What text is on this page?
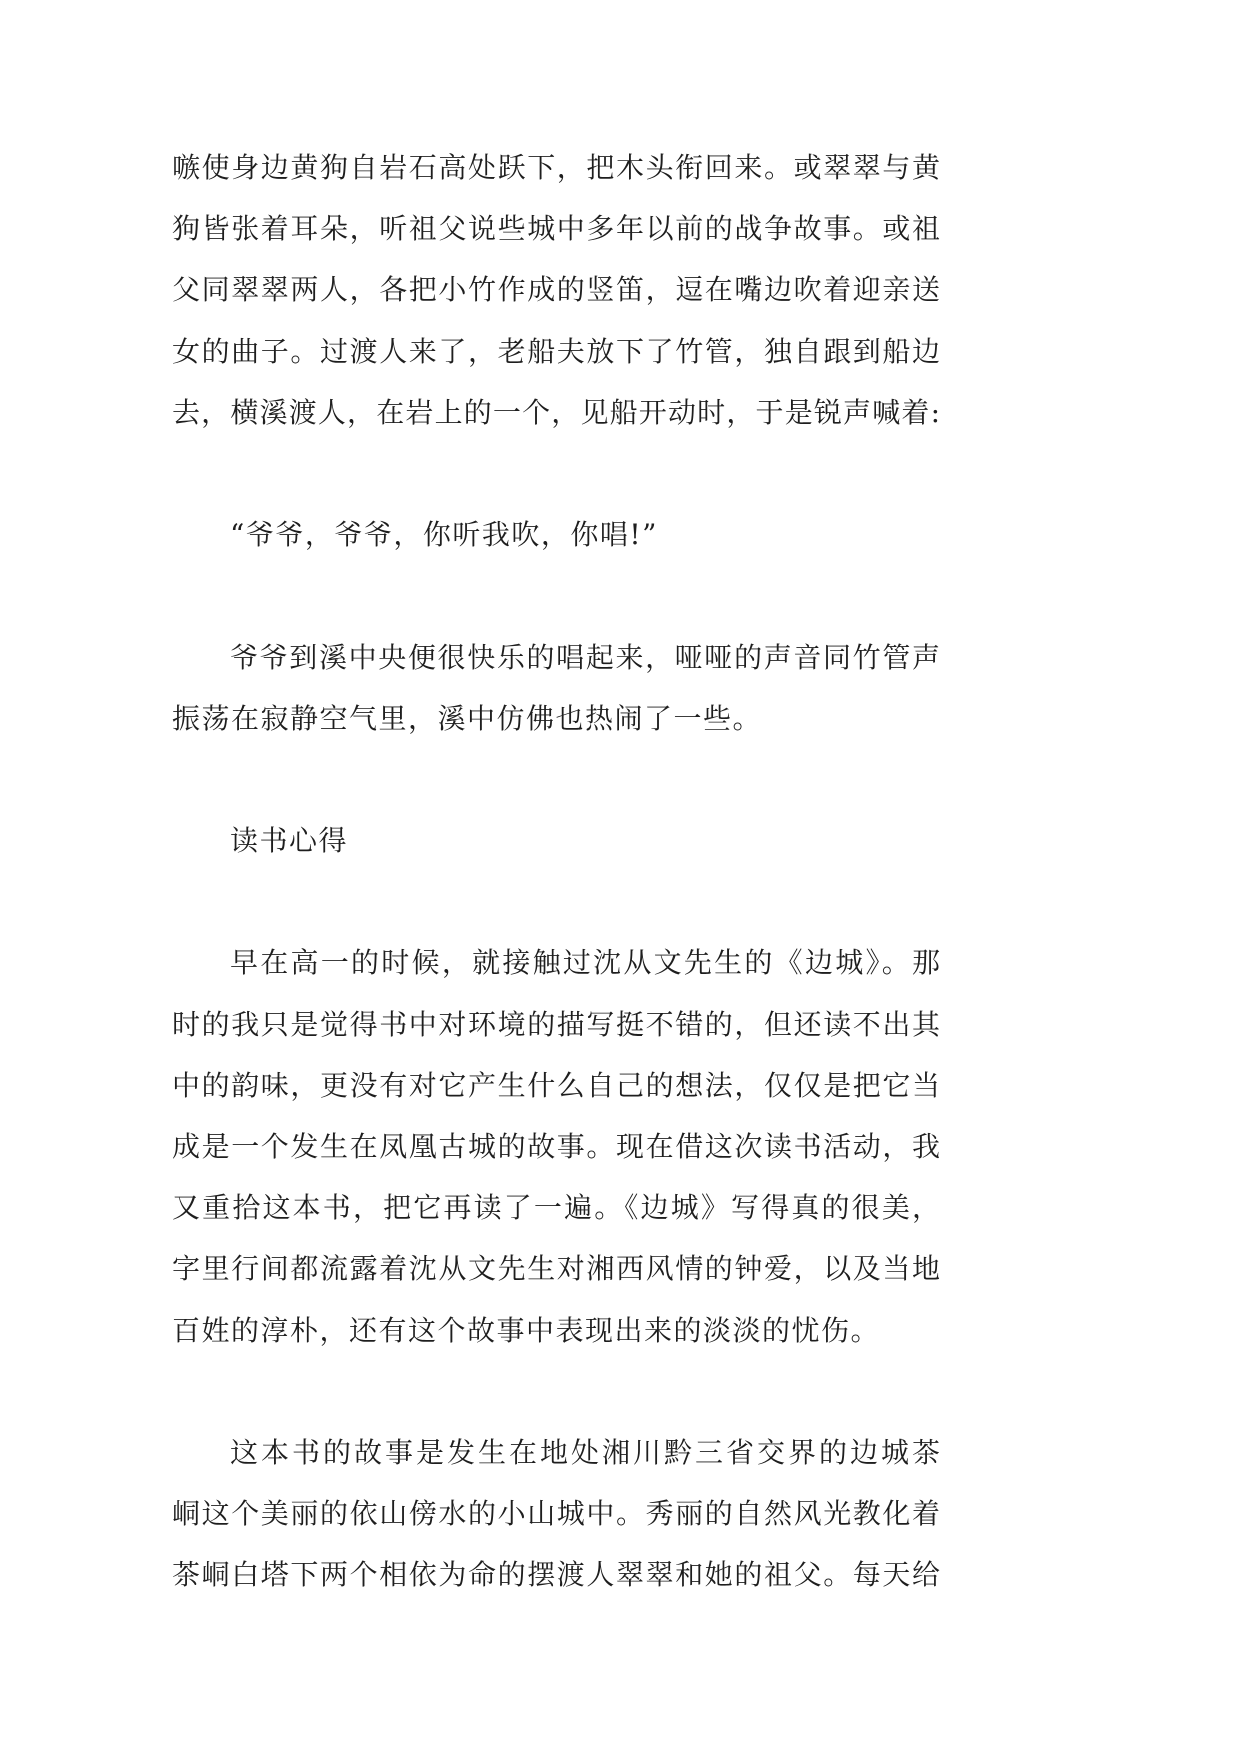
嗾使身边黄狗自岩石高处跃下，把木头衔回来。或翠翠与黄
狗皆张着耳朵，听祖父说些城中多年以前的战争故事。或祖
父同翠翠两人，各把小竹作成的竖笛，逗在嘴边吹着迎亲送
女的曲子。过渡人来了，老船夫放下了竹管，独自跟到船边
去，横溪渡人，在岩上的一个，见船开动时，于是锐声喊着:
“爷爷，爷爷，你听我吹，你唱!”
爷爷到溪中央便很快乐的唱起来，哑哑的声音同竹管声
振荡在寂静空气里，溪中仿佛也热闹了一些。
读书心得
早在高一的时候，就接触过沈从文先生的《边城》。那
时的我只是觉得书中对环境的描写挺不错的，但还读不出其
中的韵味，更没有对它产生什么自己的想法，仅仅是把它当
成是一个发生在凤凰古城的故事。现在借这次读书活动，我
又重拾这本书，把它再读了一遍。《边城》写得真的很美，
字里行间都流露着沈从文先生对湘西风情的钟爱，以及当地
百姓的淳朴，还有这个故事中表现出来的淡淡的忧伤。
这本书的故事是发生在地处湘川黔三省交界的边城茶
峒这个美丽的依山傍水的小山城中。秀丽的自然风光教化着
茶峒白塔下两个相依为命的摆渡人翠翠和她的祖父。每天给
